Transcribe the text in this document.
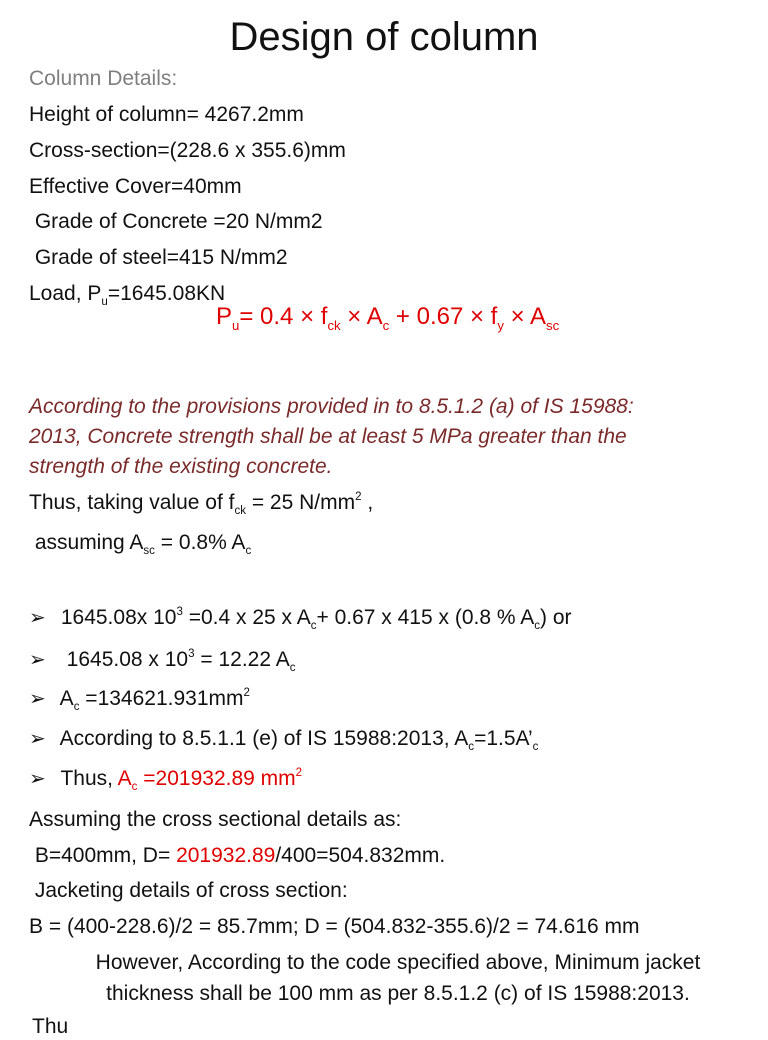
Design of column
Column Details:
Height of column= 4267.2mm
Cross-section=(228.6 x 355.6)mm
Effective Cover=40mm
Grade of Concrete =20 N/mm2
Grade of steel=415 N/mm2
Load, $P_u=1645.08KN$
$P_u= 0.4 \times f_{ck} \times A_c + 0.67 \times f_y \times A_{sc}$
According to the provisions provided in to 8.5.1.2 (a) of IS 15988:
2013, Concrete strength shall be at least 5 MPa greater than the
strength of the existing concrete.
Thus, taking value of $f_{ck} = 25$ $N/mm^2$ ,
assuming $A_{sc} = 0.8\%$ $A_c$
➢ 1645.08x $10^3 =0.4$ x 25 x $A_c+ 0.67$ x 415 x (0.8 % $A_c$) or
➢  1645.08 x $10^3 = 12.22$ $A_c$
➢ $A_c =134621.931mm^2$
➢ According to 8.5.1.1 (e) of IS 15988:2013, $A_c=1.5A’_c$
➢ Thus, $A_c =201932.89$ $mm^2$
Assuming the cross sectional details as:
B=400mm, D= 201932.89/400=504.832mm.
Jacketing details of cross section:
B = (400-228.6)/2 = 85.7mm; D = (504.832-355.6)/2 = 74.616 mm
However, According to the code specified above, Minimum jacket
thickness shall be 100 mm as per 8.5.1.2 (c) of IS 15988:2013.
Thu
